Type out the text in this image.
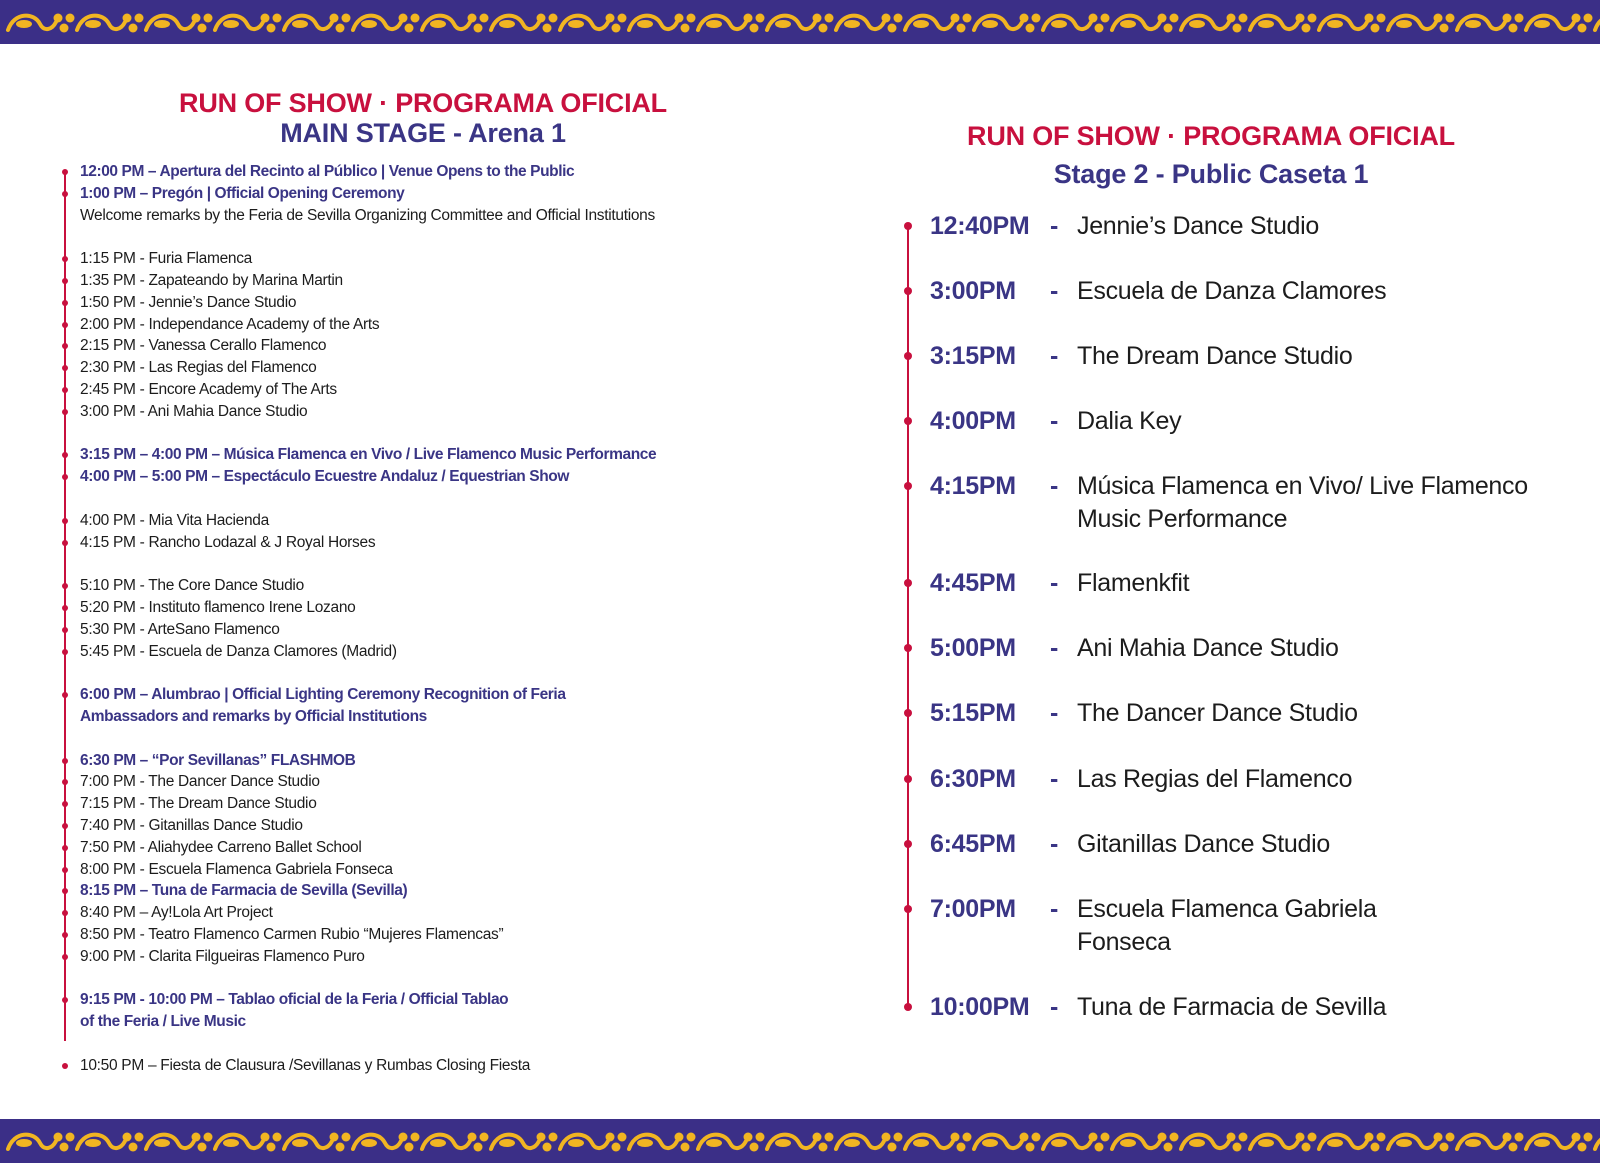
RUN OF SHOW · PROGRAMA OFICIAL
MAIN STAGE - Arena 1
12:00 PM – Apertura del Recinto al Público | Venue Opens to the Public
1:00 PM – Pregón | Official Opening Ceremony
Welcome remarks by the Feria de Sevilla Organizing Committee and Official Institutions
1:15 PM - Furia Flamenca
1:35 PM - Zapateando by Marina Martin
1:50 PM - Jennie’s Dance Studio
2:00 PM - Independance Academy of the Arts
2:15 PM - Vanessa Cerallo Flamenco
2:30 PM - Las Regias del Flamenco
2:45 PM - Encore Academy of The Arts
3:00 PM - Ani Mahia Dance Studio
3:15 PM – 4:00 PM – Música Flamenca en Vivo / Live Flamenco Music Performance
4:00 PM – 5:00 PM – Espectáculo Ecuestre Andaluz / Equestrian Show
4:00 PM - Mia Vita Hacienda
4:15 PM - Rancho Lodazal & J Royal Horses
5:10 PM - The Core Dance Studio
5:20 PM - Instituto flamenco Irene Lozano
5:30 PM - ArteSano Flamenco
5:45 PM - Escuela de Danza Clamores (Madrid)
6:00 PM – Alumbrao | Official Lighting Ceremony Recognition of Feria
Ambassadors and remarks by Official Institutions
6:30 PM – “Por Sevillanas” FLASHMOB
7:00 PM - The Dancer Dance Studio
7:15 PM - The Dream Dance Studio
7:40 PM - Gitanillas Dance Studio
7:50 PM - Aliahydee Carreno Ballet School
8:00 PM - Escuela Flamenca Gabriela Fonseca
8:15 PM – Tuna de Farmacia de Sevilla (Sevilla)
8:40 PM – Ay!Lola Art Project
8:50 PM - Teatro Flamenco Carmen Rubio “Mujeres Flamencas”
9:00 PM - Clarita Filgueiras Flamenco Puro
9:15 PM - 10:00 PM – Tablao oficial de la Feria / Official Tablao
of the Feria / Live Music
10:50 PM – Fiesta de Clausura /Sevillanas y Rumbas Closing Fiesta
RUN OF SHOW · PROGRAMA OFICIAL
Stage 2 - Public Caseta 1
12:40PM - Jennie’s Dance Studio
3:00PM - Escuela de Danza Clamores
3:15PM - The Dream Dance Studio
4:00PM - Dalia Key
4:15PM - Música Flamenca en Vivo/ Live Flamenco
Music Performance
4:45PM - Flamenkfit
5:00PM - Ani Mahia Dance Studio
5:15PM - The Dancer Dance Studio
6:30PM - Las Regias del Flamenco
6:45PM - Gitanillas Dance Studio
7:00PM - Escuela Flamenca Gabriela
Fonseca
10:00PM - Tuna de Farmacia de Sevilla
